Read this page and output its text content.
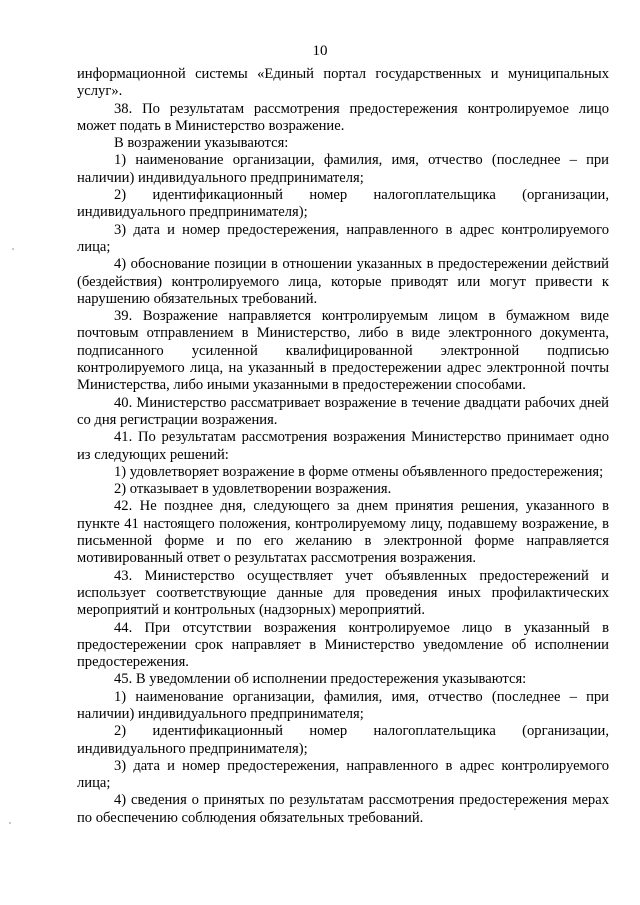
10

информационной системы «Единый портал государственных и муниципальных услуг».

38. По результатам рассмотрения предостережения контролируемое лицо может подать в Министерство возражение.

В возражении указываются:

1) наименование организации, фамилия, имя, отчество (последнее – при наличии) индивидуального предпринимателя;

2) идентификационный номер налогоплательщика (организации, индивидуального предпринимателя);

3) дата и номер предостережения, направленного в адрес контролируемого лица;

4) обоснование позиции в отношении указанных в предостережении действий (бездействия) контролируемого лица, которые приводят или могут привести к нарушению обязательных требований.

39. Возражение направляется контролируемым лицом в бумажном виде почтовым отправлением в Министерство, либо в виде электронного документа, подписанного усиленной квалифицированной электронной подписью контролируемого лица, на указанный в предостережении адрес электронной почты Министерства, либо иными указанными в предостережении способами.

40. Министерство рассматривает возражение в течение двадцати рабочих дней со дня регистрации возражения.

41. По результатам рассмотрения возражения Министерство принимает одно из следующих решений:

1) удовлетворяет возражение в форме отмены объявленного предостережения;

2) отказывает в удовлетворении возражения.

42. Не позднее дня, следующего за днем принятия решения, указанного в пункте 41 настоящего положения, контролируемому лицу, подавшему возражение, в письменной форме и по его желанию в электронной форме направляется мотивированный ответ о результатах рассмотрения возражения.

43. Министерство осуществляет учет объявленных предостережений и использует соответствующие данные для проведения иных профилактических мероприятий и контрольных (надзорных) мероприятий.

44. При отсутствии возражения контролируемое лицо в указанный в предостережении срок направляет в Министерство уведомление об исполнении предостережения.

45. В уведомлении об исполнении предостережения указываются:

1) наименование организации, фамилия, имя, отчество (последнее – при наличии) индивидуального предпринимателя;

2) идентификационный номер налогоплательщика (организации, индивидуального предпринимателя);

3) дата и номер предостережения, направленного в адрес контролируемого лица;

4) сведения о принятых по результатам рассмотрения предостережения мерах по обеспечению соблюдения обязательных требований.
